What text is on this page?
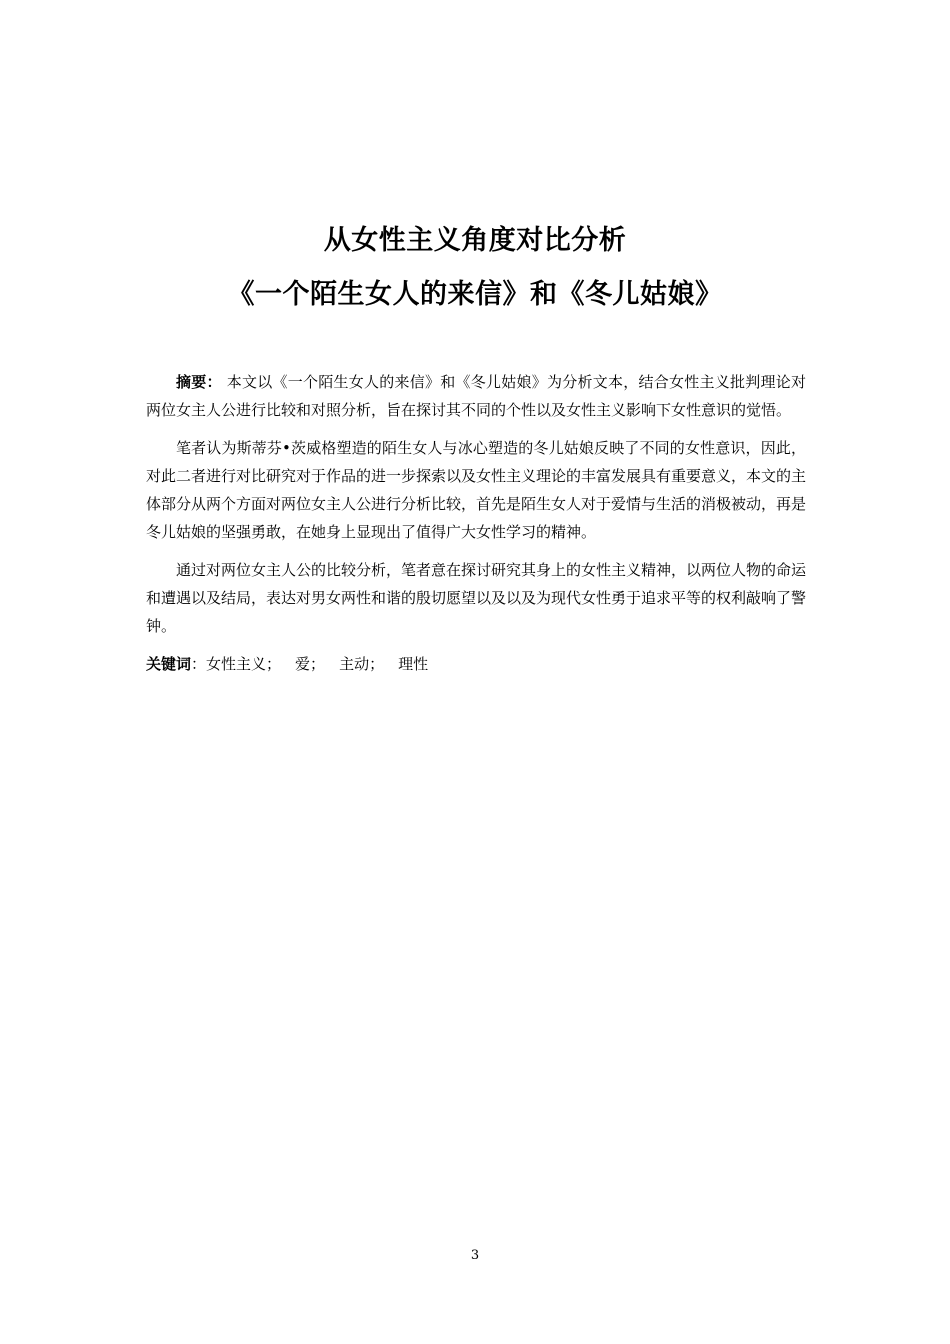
从女性主义角度对比分析
《一个陌生女人的来信》和《冬儿姑娘》

摘要： 本文以《一个陌生女人的来信》和《冬儿姑娘》为分析文本，结合女性主义批判理论对两位女主人公进行比较和对照分析，旨在探讨其不同的个性以及女性主义影响下女性意识的觉悟。

笔者认为斯蒂芬•茨威格塑造的陌生女人与冰心塑造的冬儿姑娘反映了不同的女性意识，因此，对此二者进行对比研究对于作品的进一步探索以及女性主义理论的丰富发展具有重要意义，本文的主体部分从两个方面对两位女主人公进行分析比较，首先是陌生女人对于爱情与生活的消极被动，再是冬儿姑娘的坚强勇敢，在她身上显现出了值得广大女性学习的精神。

通过对两位女主人公的比较分析，笔者意在探讨研究其身上的女性主义精神，以两位人物的命运和遭遇以及结局，表达对男女两性和谐的殷切愿望以及以及为现代女性勇于追求平等的权利敲响了警钟。

关键词：女性主义； 爱； 主动； 理性

3
